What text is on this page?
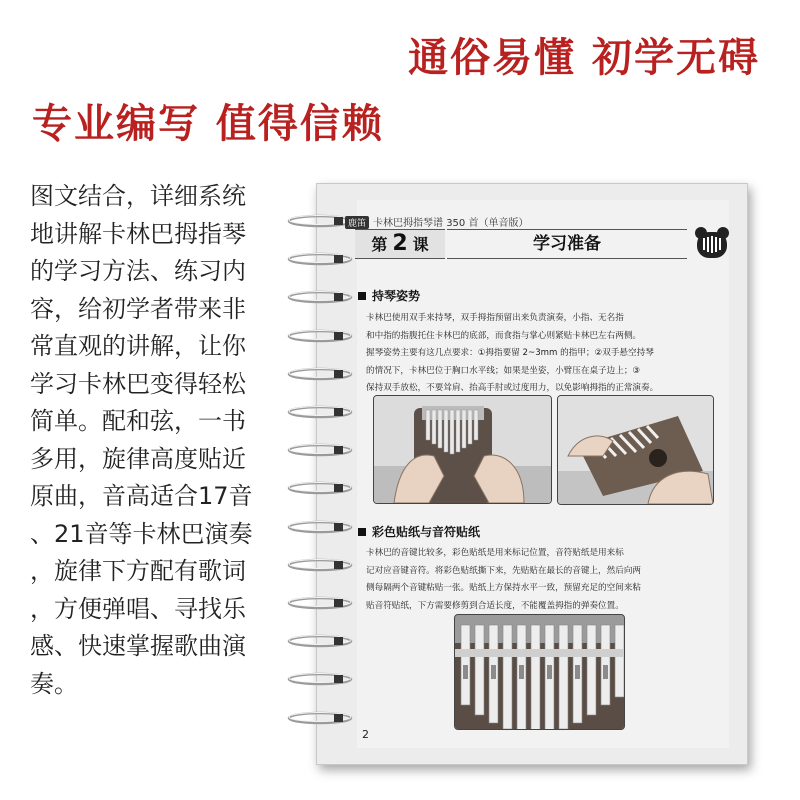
通俗易懂 初学无碍
专业编写 值得信赖
图文结合，详细系统
地讲解卡林巴拇指琴
的学习方法、练习内
容，给初学者带来非
常直观的讲解，让你
学习卡林巴变得轻松
简单。配和弦，一书
多用，旋律高度贴近
原曲，音高适合17音
、21音等卡林巴演奏
，旋律下方配有歌词
，方便弹唱、寻找乐
感、快速掌握歌曲演
奏。
鹿笛 卡林巴拇指琴谱 350 首（单音版）
第 2 课	学习准备
持琴姿势
卡林巴使用双手来持琴，双手拇指预留出来负责演奏，小指、无名指
和中指的指腹托住卡林巴的底部，而食指与掌心则紧贴卡林巴左右两侧。
握琴姿势主要有这几点要求：①拇指要留 2~3mm 的指甲；②双手悬空持琴
的情况下，卡林巴位于胸口水平线；如果是坐姿，小臂压在桌子边上；③
保持双手放松，不要耸肩、抬高手肘或过度用力，以免影响拇指的正常演奏。
彩色贴纸与音符贴纸
卡林巴的音键比较多，彩色贴纸是用来标记位置，音符贴纸是用来标
记对应音键音符。将彩色贴纸撕下来，先贴贴在最长的音键上，然后向两
侧每隔两个音键粘贴一张。贴纸上方保持水平一致，预留充足的空间来粘
贴音符贴纸，下方需要修剪到合适长度，不能覆盖拇指的弹奏位置。
2
